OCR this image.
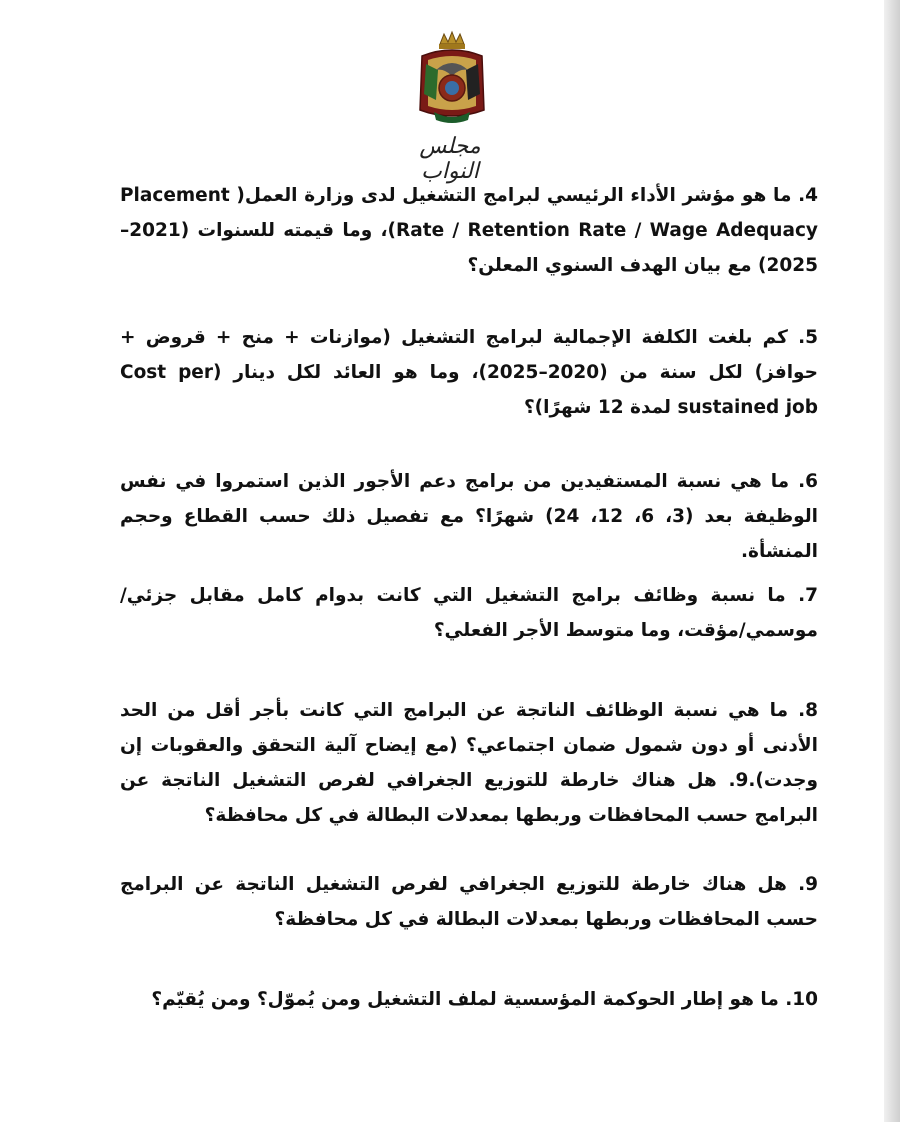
مجلس النواب
4. ما هو مؤشر الأداء الرئيسي لبرامج التشغيل لدى وزارة العمل( Placement Rate / Retention Rate / Wage Adequacy)، وما قيمته للسنوات (2021–2025) مع بيان الهدف السنوي المعلن؟
5. كم بلغت الكلفة الإجمالية لبرامج التشغيل (موازنات + منح + قروض + حوافز) لكل سنة من (2020–2025)، وما هو العائد لكل دينار (Cost per sustained job لمدة 12 شهرًا)؟
6. ما هي نسبة المستفيدين من برامج دعم الأجور الذين استمروا في نفس الوظيفة بعد (3، 6، 12، 24) شهرًا؟ مع تفصيل ذلك حسب القطاع وحجم المنشأة.
7. ما نسبة وظائف برامج التشغيل التي كانت بدوام كامل مقابل جزئي/موسمي/مؤقت، وما متوسط الأجر الفعلي؟
8. ما هي نسبة الوظائف الناتجة عن البرامج التي كانت بأجر أقل من الحد الأدنى أو دون شمول ضمان اجتماعي؟ (مع إيضاح آلية التحقق والعقوبات إن وجدت).9. هل هناك خارطة للتوزيع الجغرافي لفرص التشغيل الناتجة عن البرامج حسب المحافظات وربطها بمعدلات البطالة في كل محافظة؟
9. هل هناك خارطة للتوزيع الجغرافي لفرص التشغيل الناتجة عن البرامج حسب المحافظات وربطها بمعدلات البطالة في كل محافظة؟
10. ما هو إطار الحوكمة المؤسسية لملف التشغيل ومن يُموّل؟ ومن يُقيّم؟
